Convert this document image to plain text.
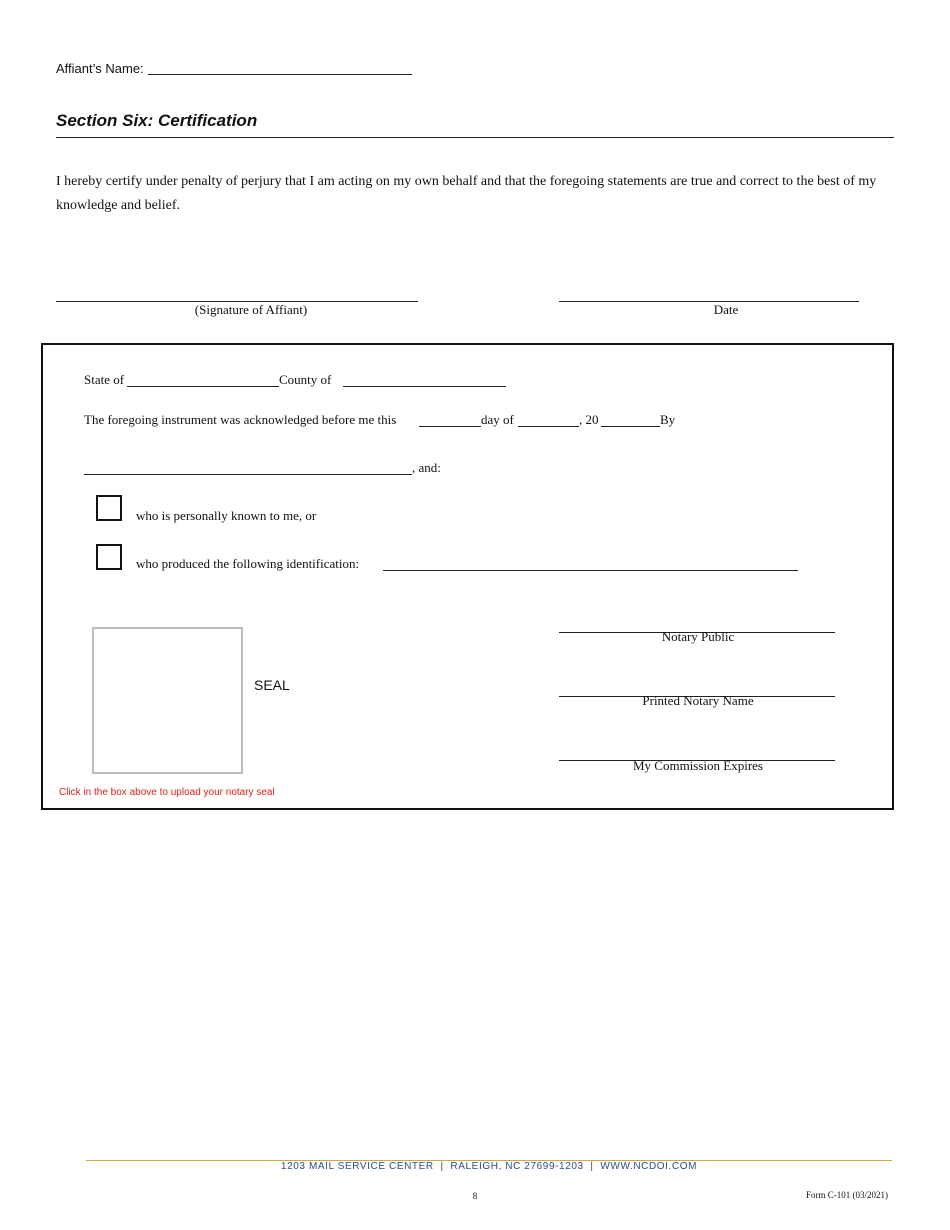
Affiant’s Name:
Section Six: Certification
I hereby certify under penalty of perjury that I am acting on my own behalf and that the foregoing statements are true and correct to the best of my knowledge and belief.
(Signature of Affiant)	Date
State of	County of
The foregoing instrument was acknowledged before me this	day of	, 20	By
, and:
who is personally known to me, or
who produced the following identification:
SEAL
Click in the box above to upload your notary seal
Notary Public
Printed Notary Name
My Commission Expires
1203 MAIL SERVICE CENTER  |  RALEIGH, NC 27699-1203  |  WWW.NCDOI.COM
8	Form C-101 (03/2021)
